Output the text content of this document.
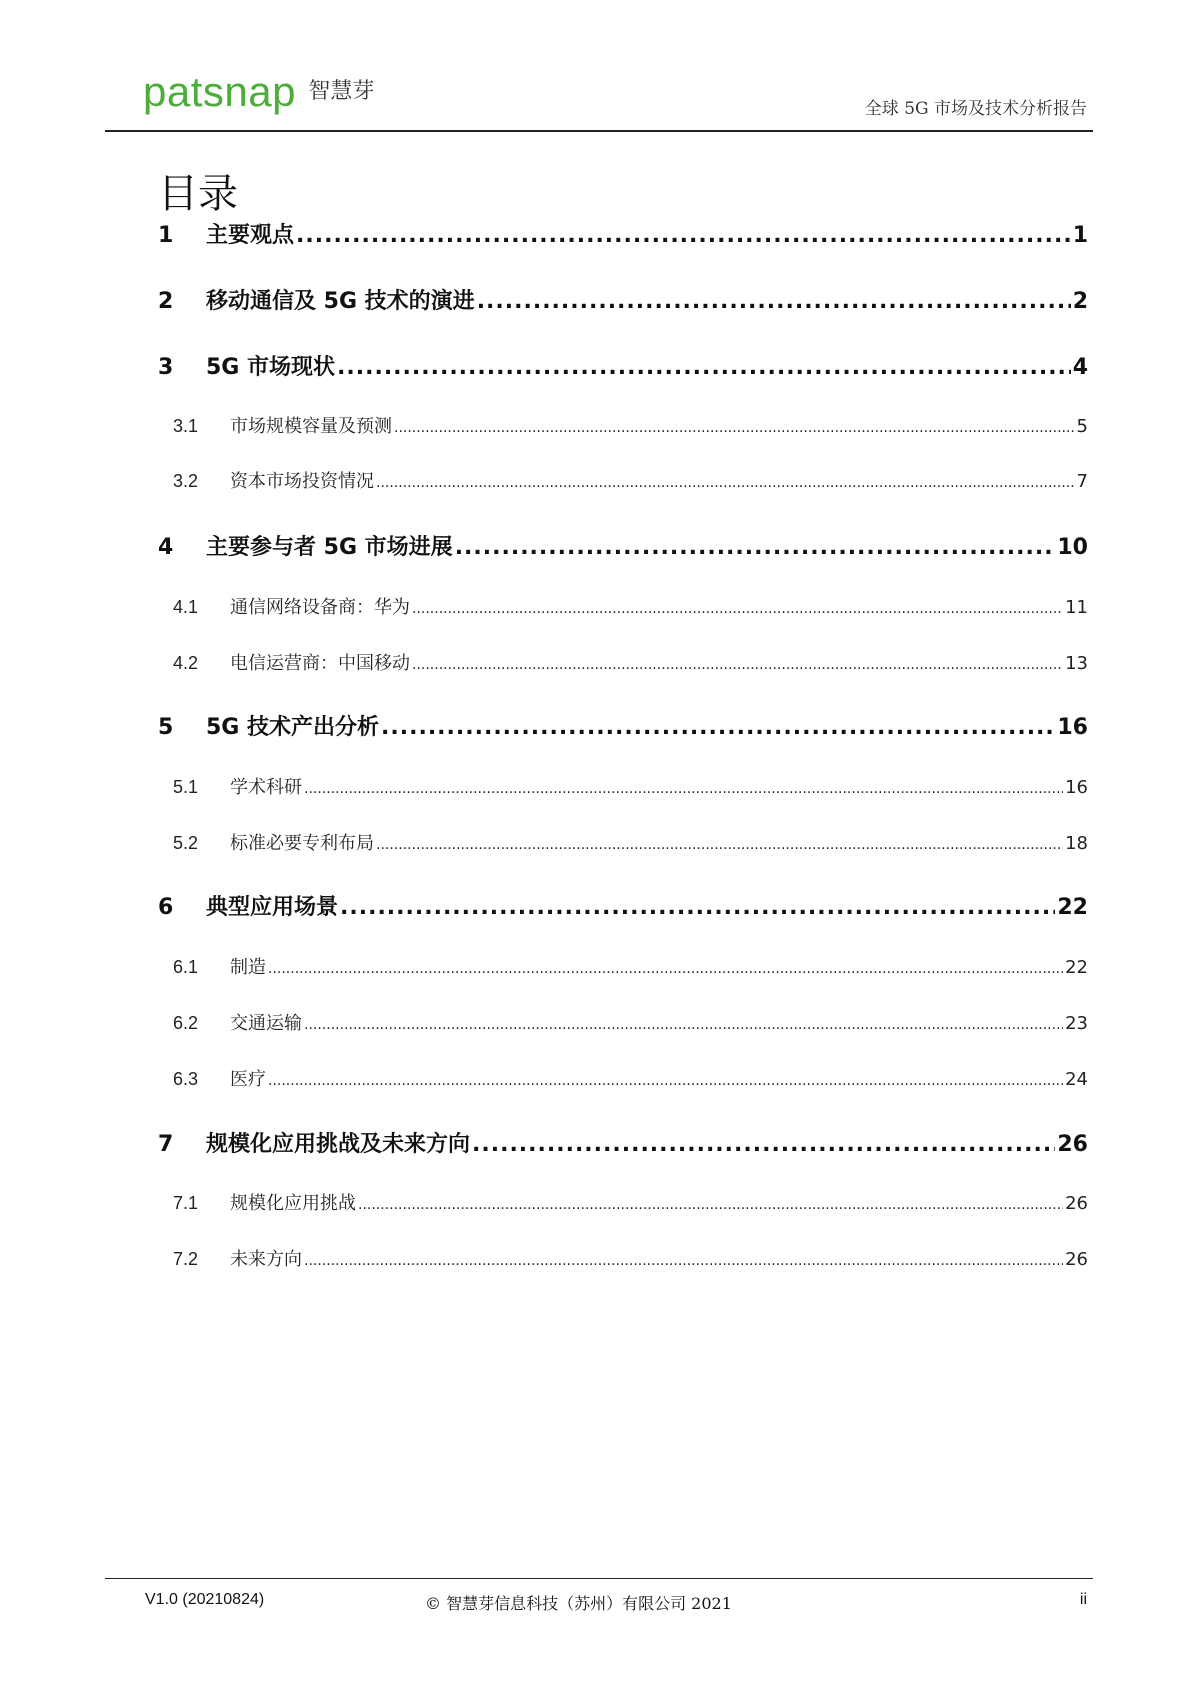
patsnap 智慧芽
全球 5G 市场及技术分析报告
目录
1	主要观点 .....	1
2	移动通信及 5G 技术的演进 .....	2
3	5G 市场现状 .....	4
3.1	市场规模容量及预测 .....	5
3.2	资本市场投资情况 .....	7
4	主要参与者 5G 市场进展 .....	10
4.1	通信网络设备商：华为 .....	11
4.2	电信运营商：中国移动 .....	13
5	5G 技术产出分析 .....	16
5.1	学术科研 .....	16
5.2	标准必要专利布局 .....	18
6	典型应用场景 .....	22
6.1	制造 .....	22
6.2	交通运输 .....	23
6.3	医疗 .....	24
7	规模化应用挑战及未来方向 .....	26
7.1	规模化应用挑战 .....	26
7.2	未来方向 .....	26
V1.0 (20210824)	© 智慧芽信息科技（苏州）有限公司 2021	ii
